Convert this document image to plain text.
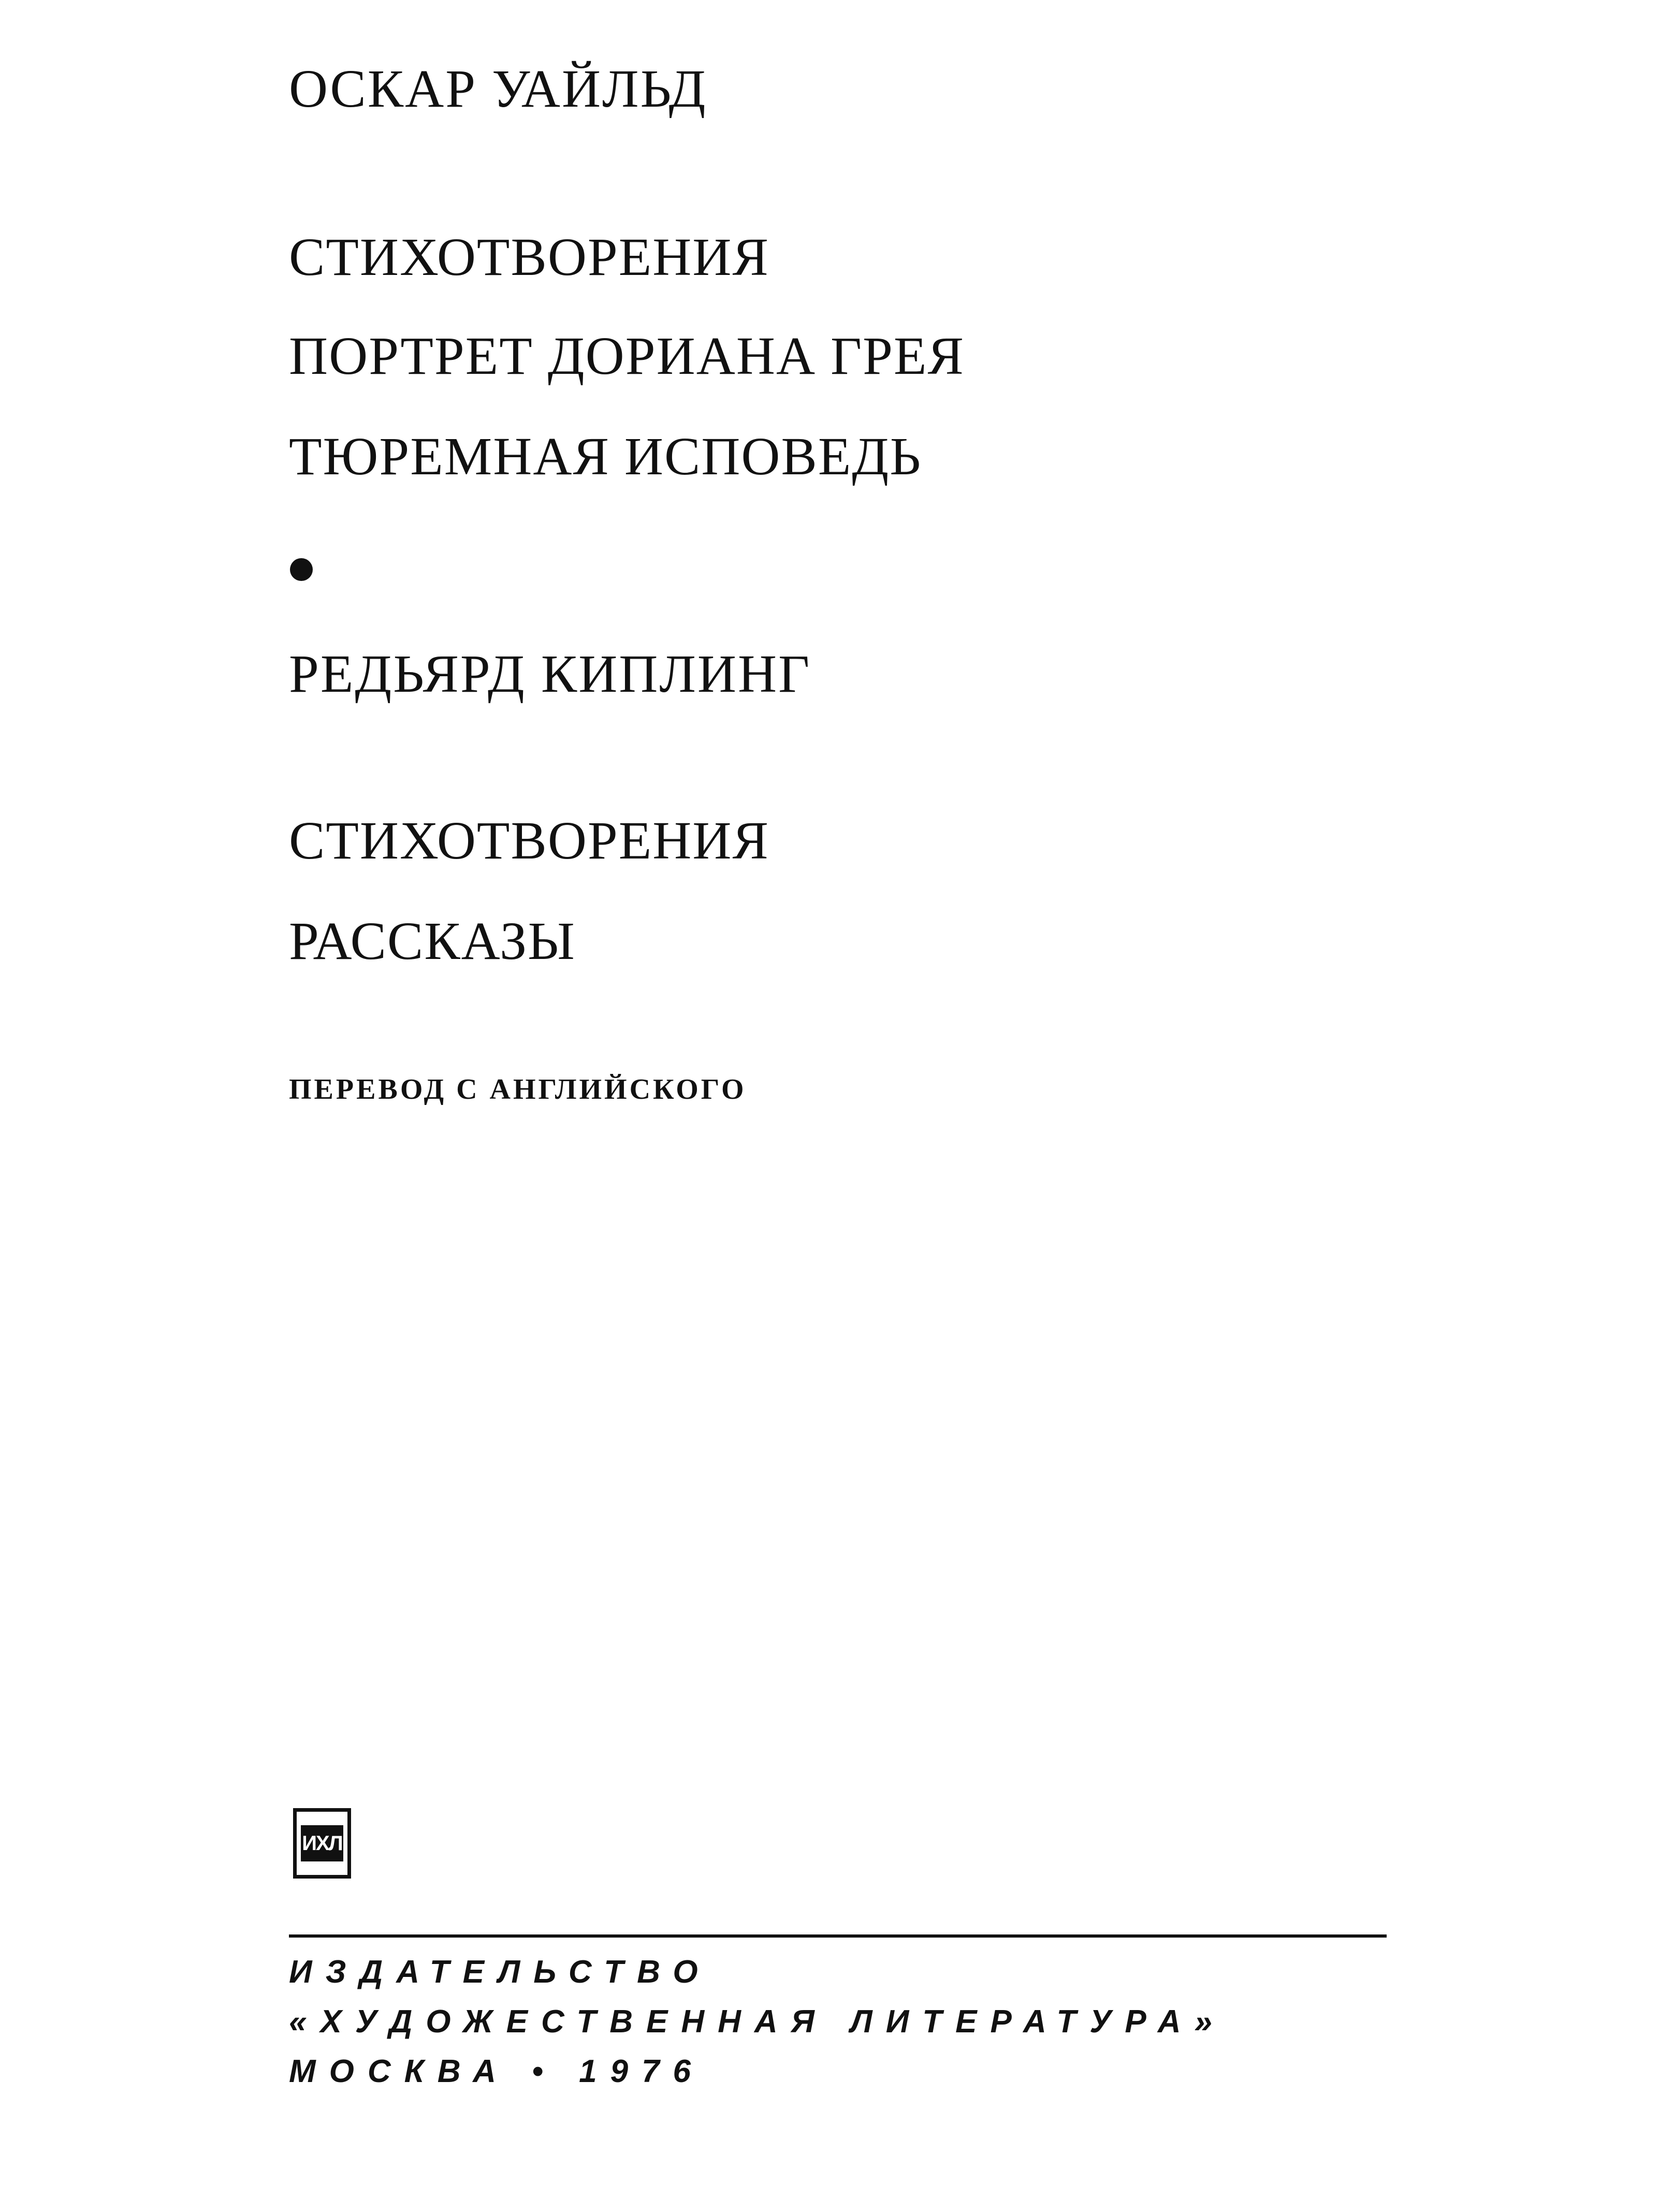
ОСКАР УАЙЛЬД
СТИХОТВОРЕНИЯ
ПОРТРЕТ ДОРИАНА ГРЕЯ
ТЮРЕМНАЯ ИСПОВЕДЬ
РЕДЬЯРД КИПЛИНГ
СТИХОТВОРЕНИЯ
РАССКАЗЫ
ПЕРЕВОД С АНГЛИЙСКОГО
ИХЛ
ИЗДАТЕЛЬСТВО
«ХУДОЖЕСТВЕННАЯ ЛИТЕРАТУРА»
МОСКВА • 1976
